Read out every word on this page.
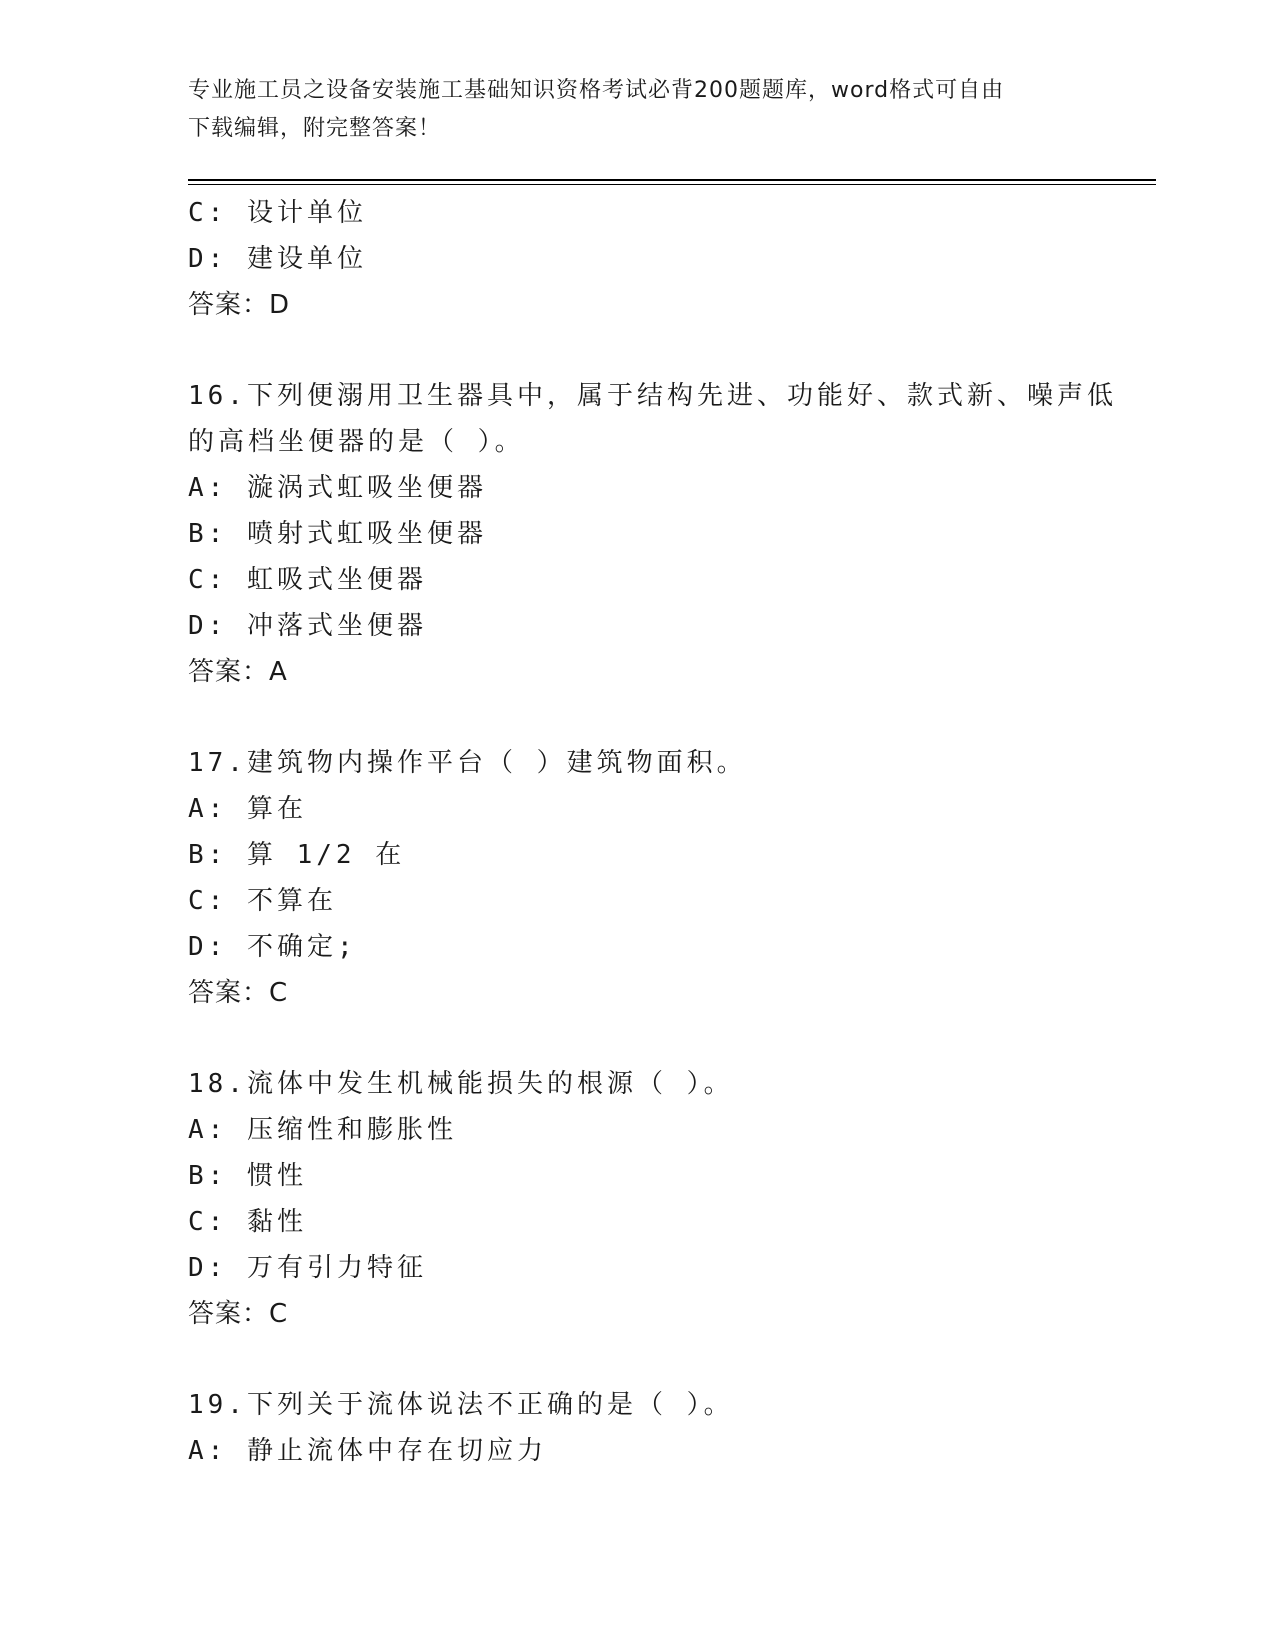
专业施工员之设备安装施工基础知识资格考试必背200题题库，word格式可自由
下载编辑，附完整答案！
C: 设计单位
D: 建设单位
答案：D
16.下列便溺用卫生器具中，属于结构先进、功能好、款式新、噪声低
的高档坐便器的是（ ）。
A: 漩涡式虹吸坐便器
B: 喷射式虹吸坐便器
C: 虹吸式坐便器
D: 冲落式坐便器
答案：A
17.建筑物内操作平台（ ）建筑物面积。
A: 算在
B: 算 1/2 在
C: 不算在
D: 不确定;
答案：C
18.流体中发生机械能损失的根源（ ）。
A: 压缩性和膨胀性
B: 惯性
C: 黏性
D: 万有引力特征
答案：C
19.下列关于流体说法不正确的是（ ）。
A: 静止流体中存在切应力
